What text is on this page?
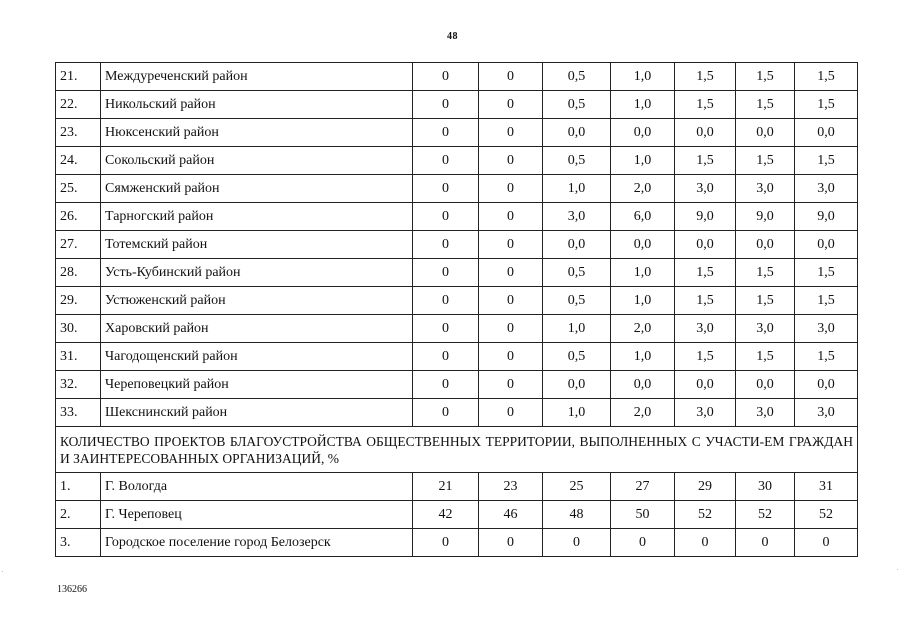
48
21.	Междуреченский район	0	0	0,5	1,0	1,5	1,5	1,5
22.	Никольский район	0	0	0,5	1,0	1,5	1,5	1,5
23.	Нюксенский район	0	0	0,0	0,0	0,0	0,0	0,0
24.	Сокольский район	0	0	0,5	1,0	1,5	1,5	1,5
25.	Сямженский район	0	0	1,0	2,0	3,0	3,0	3,0
26.	Тарногский район	0	0	3,0	6,0	9,0	9,0	9,0
27.	Тотемский район	0	0	0,0	0,0	0,0	0,0	0,0
28.	Усть-Кубинский район	0	0	0,5	1,0	1,5	1,5	1,5
29.	Устюженский район	0	0	0,5	1,0	1,5	1,5	1,5
30.	Харовский район	0	0	1,0	2,0	3,0	3,0	3,0
31.	Чагодощенский район	0	0	0,5	1,0	1,5	1,5	1,5
32.	Череповецкий район	0	0	0,0	0,0	0,0	0,0	0,0
33.	Шекснинский район	0	0	1,0	2,0	3,0	3,0	3,0
КОЛИЧЕСТВО ПРОЕКТОВ БЛАГОУСТРОЙСТВА ОБЩЕСТВЕННЫХ ТЕРРИТОРИИ, ВЫПОЛНЕННЫХ С УЧАСТИ-ЕМ ГРАЖДАН И ЗАИНТЕРЕСОВАННЫХ ОРГАНИЗАЦИЙ, %								
1.	Г. Вологда	21	23	25	27	29	30	31
2.	Г. Череповец	42	46	48	50	52	52	52
3.	Городское поселение город Белозерск	0	0	0	0	0	0	0
136266
.	.
